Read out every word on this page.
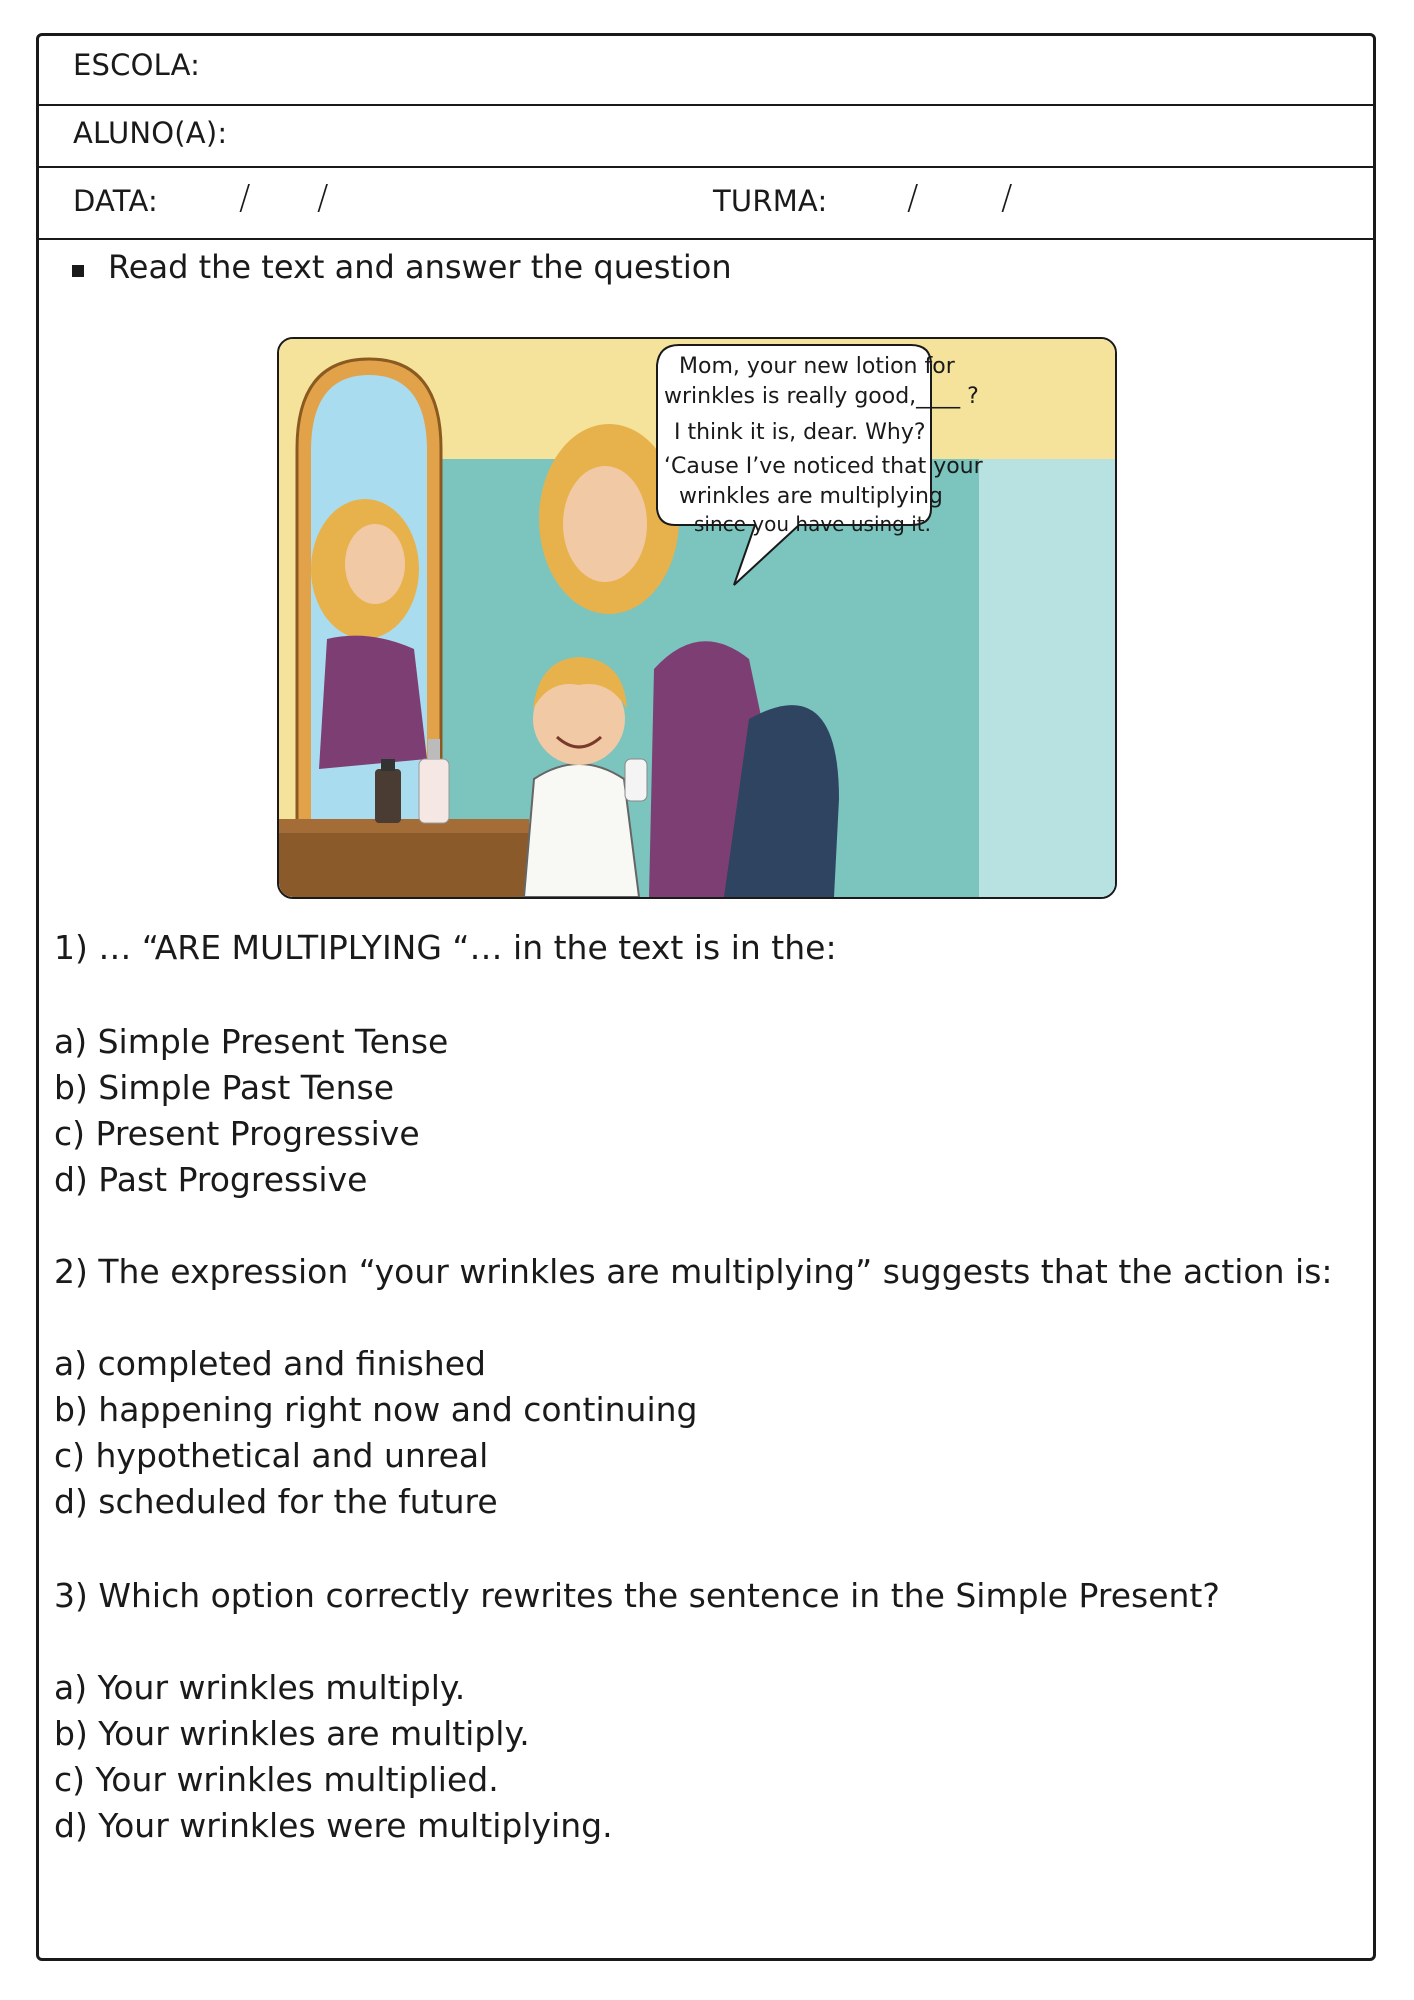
ESCOLA:
ALUNO(A):
DATA: / /	TURMA: / /
Read the text and answer the question
Mom, your new lotion for
wrinkles is really good,____ ?
I think it is, dear. Why?
‘Cause I’ve noticed that your
wrinkles are multiplying
since you have using it.
1) … “ARE MULTIPLYING “… in the text is in the:
a) Simple Present Tense
b) Simple Past Tense
c) Present Progressive
d) Past Progressive
2) The expression “your wrinkles are multiplying” suggests that the action is:
a) completed and finished
b) happening right now and continuing
c) hypothetical and unreal
d) scheduled for the future
3) Which option correctly rewrites the sentence in the Simple Present?
a) Your wrinkles multiply.
b) Your wrinkles are multiply.
c) Your wrinkles multiplied.
d) Your wrinkles were multiplying.
